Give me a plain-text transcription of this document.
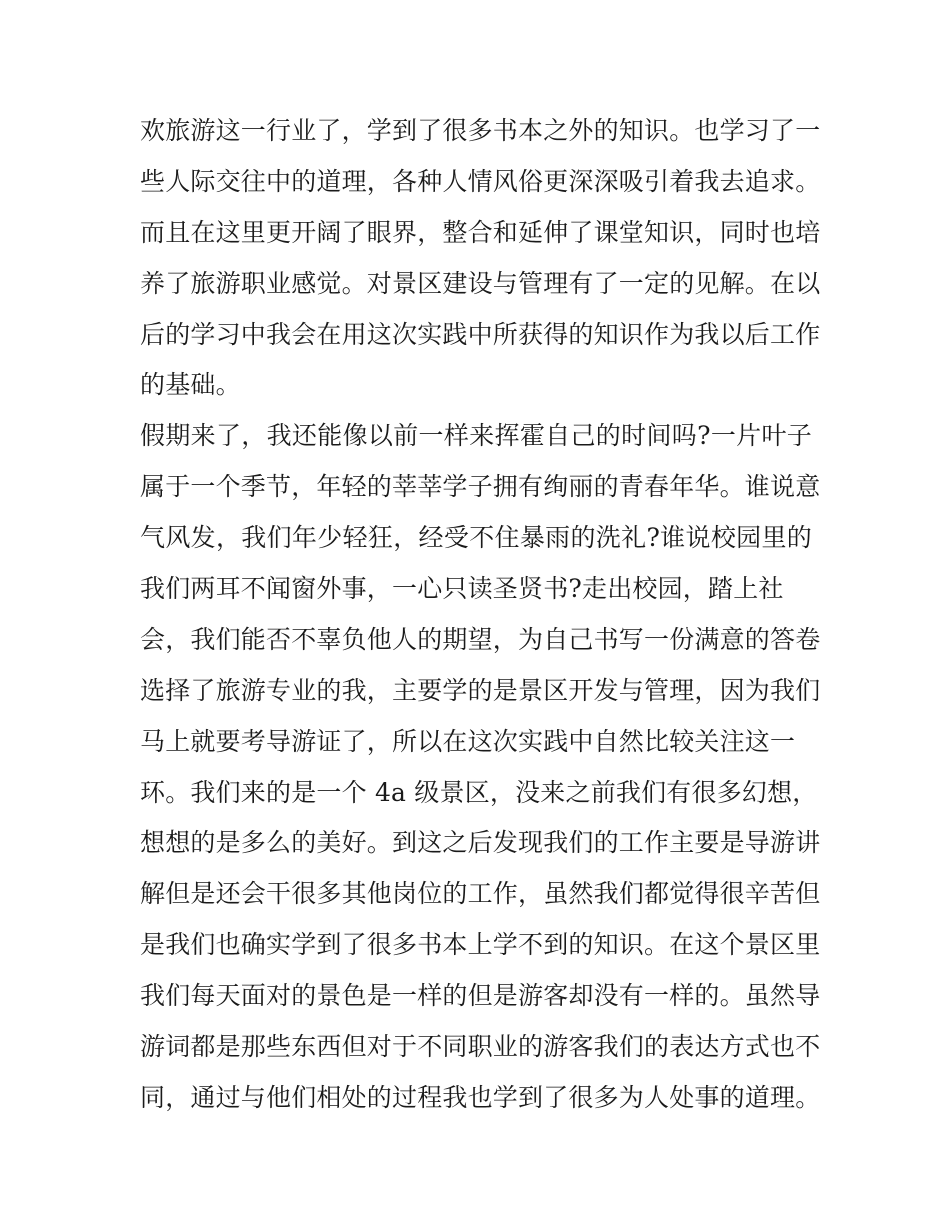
欢旅游这一行业了，学到了很多书本之外的知识。也学习了一
些人际交往中的道理，各种人情风俗更深深吸引着我去追求。
而且在这里更开阔了眼界，整合和延伸了课堂知识，同时也培
养了旅游职业感觉。对景区建设与管理有了一定的见解。在以
后的学习中我会在用这次实践中所获得的知识作为我以后工作
的基础。
假期来了，我还能像以前一样来挥霍自己的时间吗?一片叶子
属于一个季节，年轻的莘莘学子拥有绚丽的青春年华。谁说意
气风发，我们年少轻狂，经受不住暴雨的洗礼?谁说校园里的
我们两耳不闻窗外事，一心只读圣贤书?走出校园，踏上社
会，我们能否不辜负他人的期望，为自己书写一份满意的答卷
选择了旅游专业的我，主要学的是景区开发与管理，因为我们
马上就要考导游证了，所以在这次实践中自然比较关注这一
环。我们来的是一个 4a 级景区，没来之前我们有很多幻想，
想想的是多么的美好。到这之后发现我们的工作主要是导游讲
解但是还会干很多其他岗位的工作，虽然我们都觉得很辛苦但
是我们也确实学到了很多书本上学不到的知识。在这个景区里
我们每天面对的景色是一样的但是游客却没有一样的。虽然导
游词都是那些东西但对于不同职业的游客我们的表达方式也不
同，通过与他们相处的过程我也学到了很多为人处事的道理。
